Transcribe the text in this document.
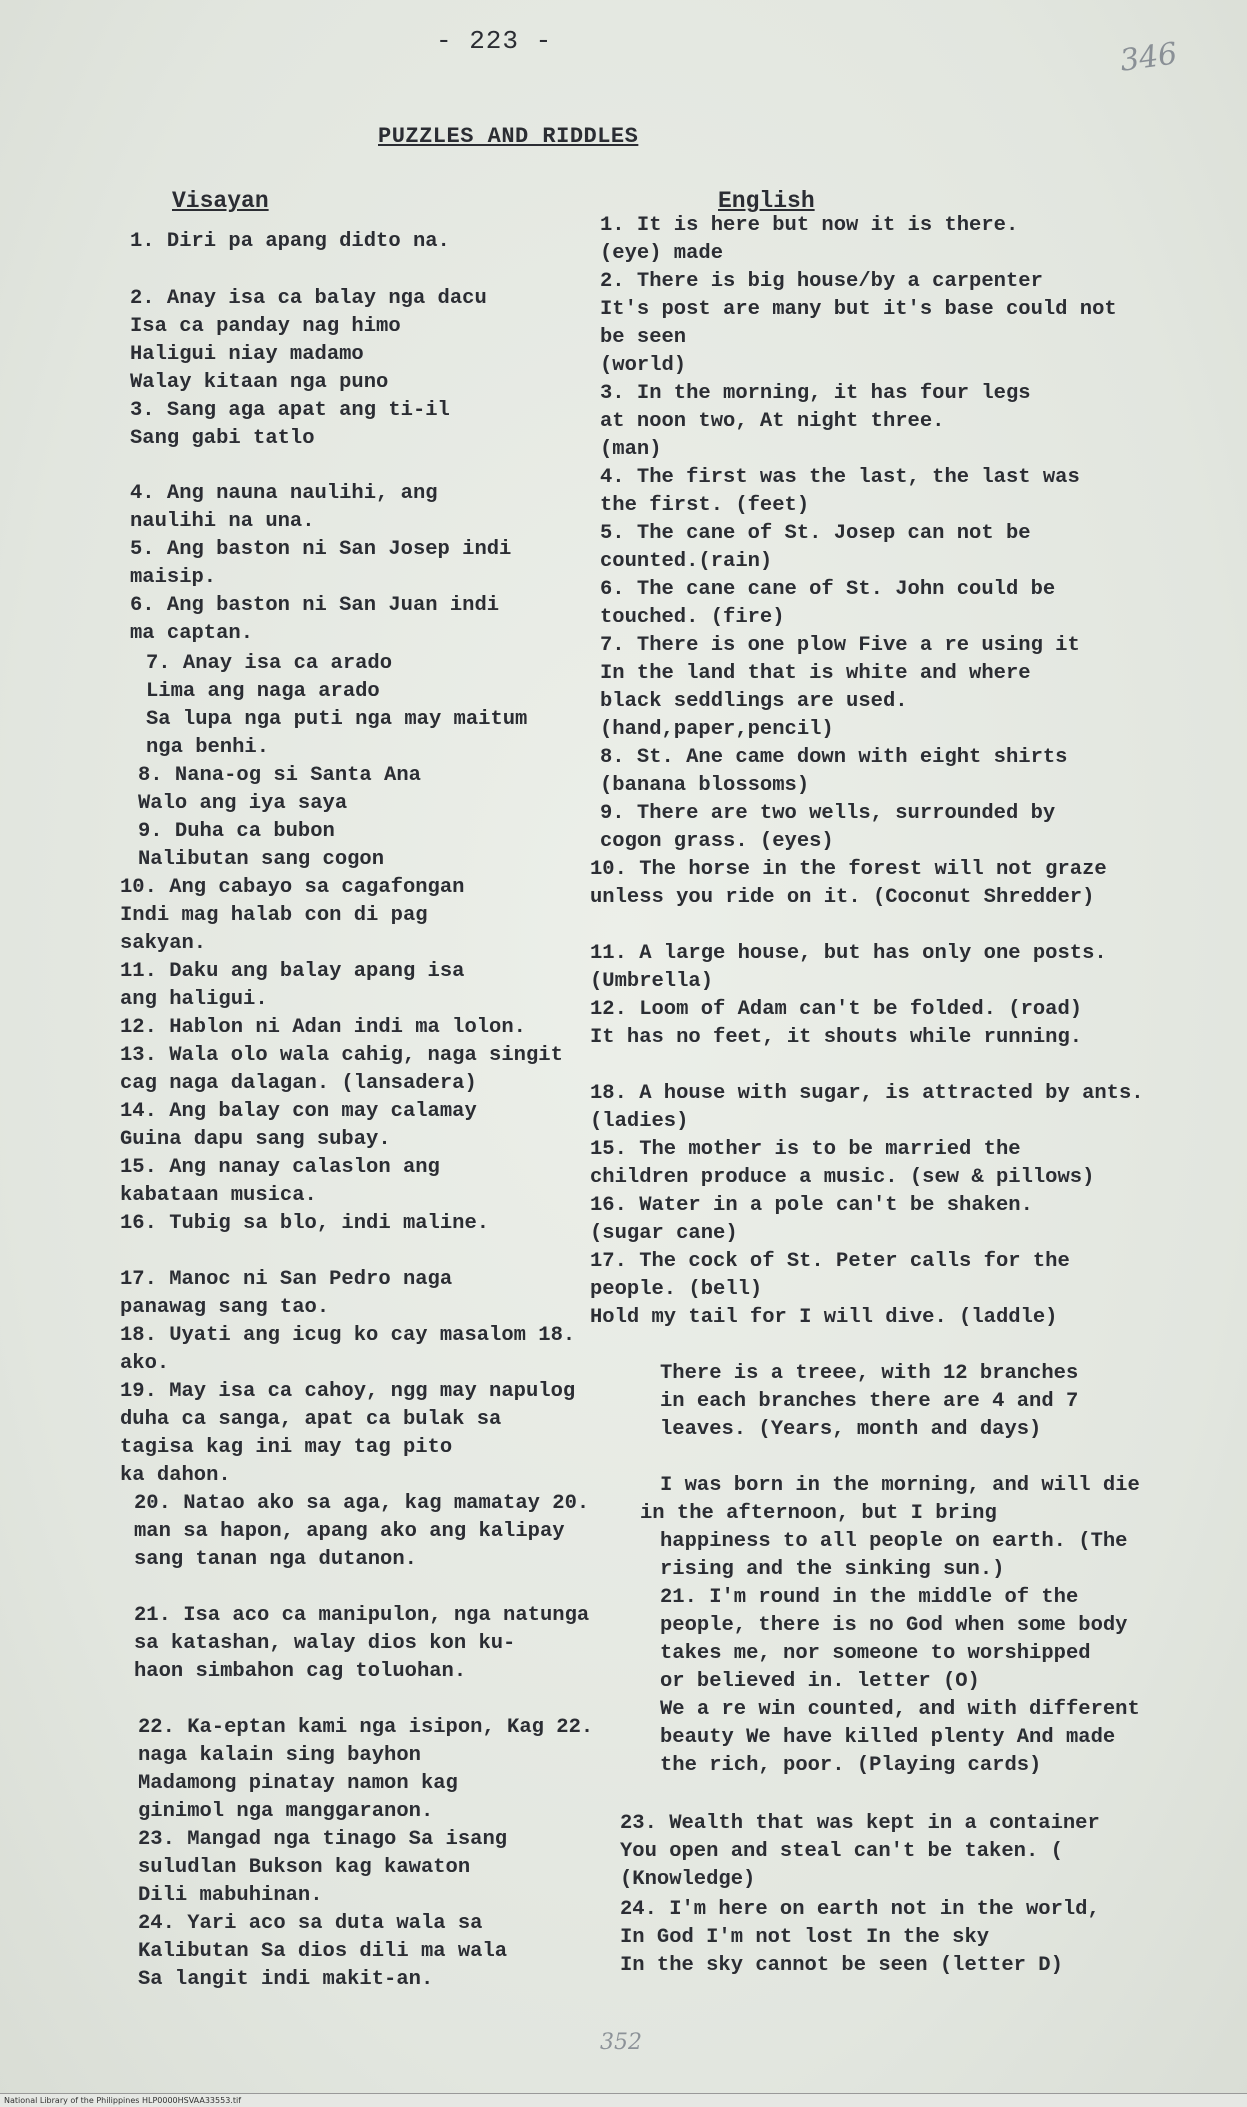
- 223 -	346
PUZZLES AND RIDDLES
Visayan	English
1. Diri pa apang didto na.
2. Anay isa ca balay nga dacu
Isa ca panday nag himo
Haligui niay madamo
Walay kitaan nga puno
3. Sang aga apat ang ti-il
Sang gabi tatlo
4. Ang nauna naulihi, ang
naulihi na una.
5. Ang baston ni San Josep indi
maisip.
6. Ang baston ni San Juan indi
ma captan.
7. Anay isa ca arado
Lima ang naga arado
Sa lupa nga puti nga may maitum
nga benhi.
8. Nana-og si Santa Ana
Walo ang iya saya
9. Duha ca bubon
Nalibutan sang cogon
10. Ang cabayo sa cagafongan
Indi mag halab con di pag
sakyan.
11. Daku ang balay apang isa
ang haligui.
12. Hablon ni Adan indi ma lolon.
13. Wala olo wala cahig, naga singit
cag naga dalagan. (lansadera)
14. Ang balay con may calamay
Guina dapu sang subay.
15. Ang nanay calaslon ang
kabataan musica.
16. Tubig sa blo, indi maline.
17. Manoc ni San Pedro naga
panawag sang tao.
18. Uyati ang icug ko cay masalom 18.
ako.
19. May isa ca cahoy, ngg may napulog
duha ca sanga, apat ca bulak sa
tagisa kag ini may tag pito
ka dahon.
20. Natao ako sa aga, kag mamatay 20.
man sa hapon, apang ako ang kalipay
sang tanan nga dutanon.
21. Isa aco ca manipulon, nga natunga
sa katashan, walay dios kon ku-
haon simbahon cag toluohan.
22. Ka-eptan kami nga isipon, Kag 22.
naga kalain sing bayhon
Madamong pinatay namon kag
ginimol nga manggaranon.
23. Mangad nga tinago Sa isang
suludlan Bukson kag kawaton
Dili mabuhinan.
24. Yari aco sa duta wala sa
Kalibutan Sa dios dili ma wala
Sa langit indi makit-an.
1. It is here but now it is there.
(eye) made
2. There is big house/by a carpenter
It's post are many but it's base could not
be seen
(world)
3. In the morning, it has four legs
at noon two, At night three.
(man)
4. The first was the last, the last was
the first. (feet)
5. The cane of St. Josep can not be
counted.(rain)
6. The cane cane of St. John could be
touched. (fire)
7. There is one plow Five a re using it
In the land that is white and where
black seddlings are used.
(hand,paper,pencil)
8. St. Ane came down with eight shirts
(banana blossoms)
9. There are two wells, surrounded by
cogon grass. (eyes)
10. The horse in the forest will not graze
unless you ride on it. (Coconut Shredder)
11. A large house, but has only one posts.
(Umbrella)
12. Loom of Adam can't be folded. (road)
It has no feet, it shouts while running.
18. A house with sugar, is attracted by ants.
(ladies)
15. The mother is to be married the
children produce a music. (sew & pillows)
16. Water in a pole can't be shaken.
(sugar cane)
17. The cock of St. Peter calls for the
people. (bell)
Hold my tail for I will dive. (laddle)
There is a treee, with 12 branches
in each branches there are 4 and 7
leaves. (Years, month and days)
I was born in the morning, and will die
in the afternoon, but I bring
happiness to all people on earth. (The
rising and the sinking sun.)
21. I'm round in the middle of the
people, there is no God when some body
takes me, nor someone to worshipped
or believed in. letter (O)
We a re win counted, and with different
beauty We have killed plenty And made
the rich, poor. (Playing cards)
23. Wealth that was kept in a container
You open and steal can't be taken. (
(Knowledge)
24. I'm here on earth not in the world,
In God I'm not lost In the sky
In the sky cannot be seen (letter D)
352
National Library of the Philippines HLP0000HSVAA33553.tif
